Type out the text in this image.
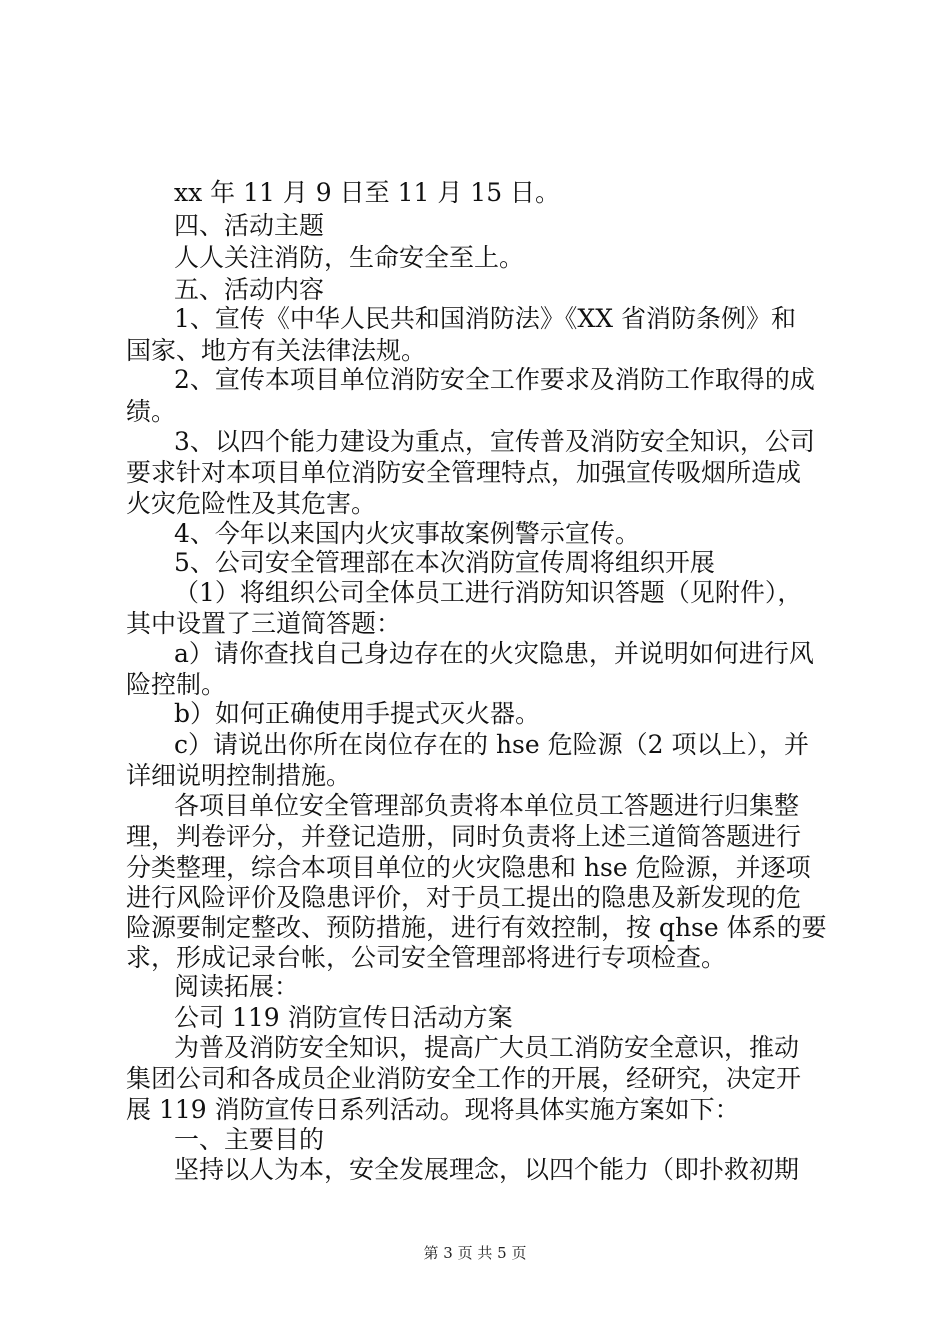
xx 年 11 月 9 日至 11 月 15 日。

四、活动主题

人人关注消防，生命安全至上。

五、活动内容

1、宣传《中华人民共和国消防法》《XX 省消防条例》和

国家、地方有关法律法规。

2、宣传本项目单位消防安全工作要求及消防工作取得的成

绩。

3、以四个能力建设为重点，宣传普及消防安全知识，公司

要求针对本项目单位消防安全管理特点，加强宣传吸烟所造成

火灾危险性及其危害。

4、今年以来国内火灾事故案例警示宣传。

5、公司安全管理部在本次消防宣传周将组织开展

（1）将组织公司全体员工进行消防知识答题（见附件），

其中设置了三道简答题：

a）请你查找自己身边存在的火灾隐患，并说明如何进行风

险控制。

b）如何正确使用手提式灭火器。

c）请说出你所在岗位存在的 hse 危险源（2 项以上），并

详细说明控制措施。

各项目单位安全管理部负责将本单位员工答题进行归集整

理，判卷评分，并登记造册，同时负责将上述三道简答题进行

分类整理，综合本项目单位的火灾隐患和 hse 危险源，并逐项

进行风险评价及隐患评价，对于员工提出的隐患及新发现的危

险源要制定整改、预防措施，进行有效控制，按 qhse 体系的要

求，形成记录台帐，公司安全管理部将进行专项检查。

阅读拓展：

公司 119 消防宣传日活动方案

为普及消防安全知识，提高广大员工消防安全意识，推动

集团公司和各成员企业消防安全工作的开展，经研究，决定开

展 119 消防宣传日系列活动。现将具体实施方案如下：

一、主要目的

坚持以人为本，安全发展理念，以四个能力（即扑救初期

第 3 页 共 5 页
